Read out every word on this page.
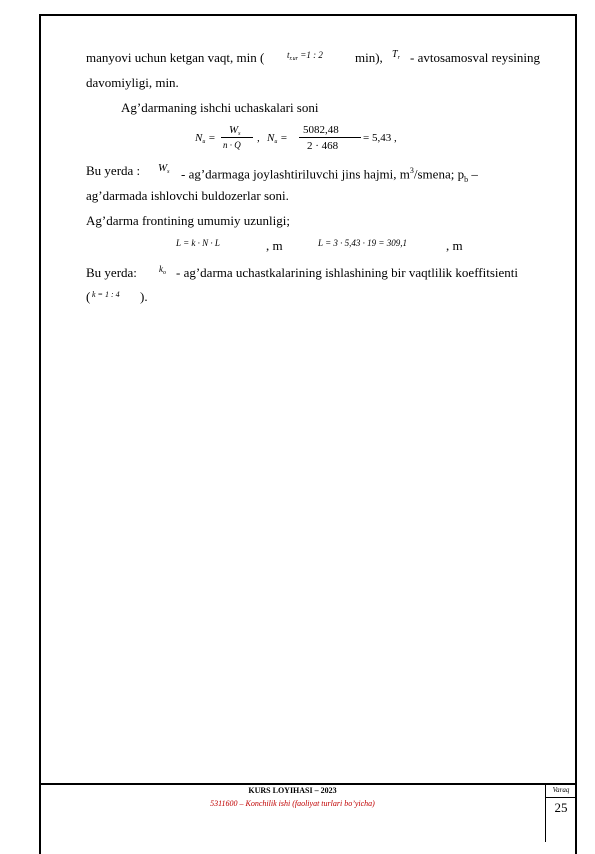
manyovi uchun ketgan vaqt, min (	$t_{r.ur} =1$ : 2 min), $T_r$ - avtosamosval reysining
davomiyligi, min.
Ag’darmaning ishchi uchaskalari soni
$N_u$ =
$W_s$
n · Q
, $N_u$ =
5082,48
2 · 468
= 5,43 ,
Bu yerda : $W_s$ - ag’darmaga joylashtiriluvchi jins hajmi, $m^3$/smena; $p_b$ –
ag’darmada ishlovchi buldozerlar soni.
Ag’darma frontining umumiy uzunligi;
L = k · N · L	, m	L = 3 · 5,43 · 19 = 309,1	, m
Bu yerda: $k_o$ - ag’darma uchastkalarining ishlashining bir vaqtlilik koeffitsienti
( k = 1 : 4 ).
KURS LOYIHASI – 2023
5311600 – Konchilik ishi (faoliyat turlari bo’yicha)
Varaq
25
